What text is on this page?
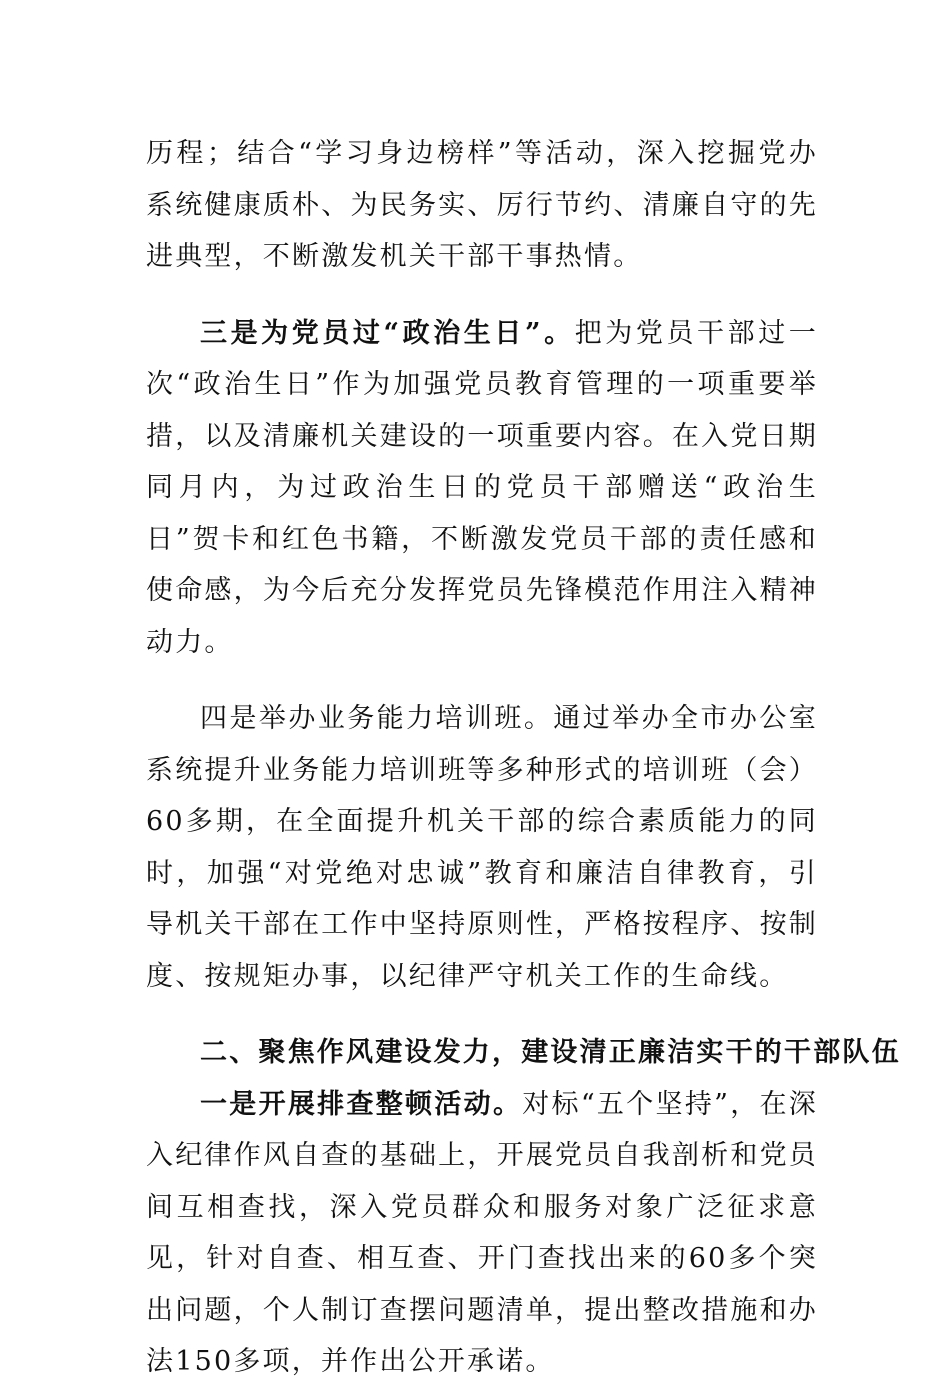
历程；结合“学习身边榜样”等活动，深入挖掘党办系统健康质朴、为民务实、厉行节约、清廉自守的先进典型，不断激发机关干部干事热情。

三是为党员过“政治生日”。把为党员干部过一次“政治生日”作为加强党员教育管理的一项重要举措，以及清廉机关建设的一项重要内容。在入党日期同月内，为过政治生日的党员干部赠送“政治生日”贺卡和红色书籍，不断激发党员干部的责任感和使命感，为今后充分发挥党员先锋模范作用注入精神动力。

四是举办业务能力培训班。通过举办全市办公室系统提升业务能力培训班等多种形式的培训班（会）60多期，在全面提升机关干部的综合素质能力的同时，加强“对党绝对忠诚”教育和廉洁自律教育，引导机关干部在工作中坚持原则性，严格按程序、按制度、按规矩办事，以纪律严守机关工作的生命线。

二、聚焦作风建设发力，建设清正廉洁实干的干部队伍

一是开展排查整顿活动。对标“五个坚持”，在深入纪律作风自查的基础上，开展党员自我剖析和党员间互相查找，深入党员群众和服务对象广泛征求意见，针对自查、相互查、开门查找出来的60多个突出问题，个人制订查摆问题清单，提出整改措施和办法150多项，并作出公开承诺。
